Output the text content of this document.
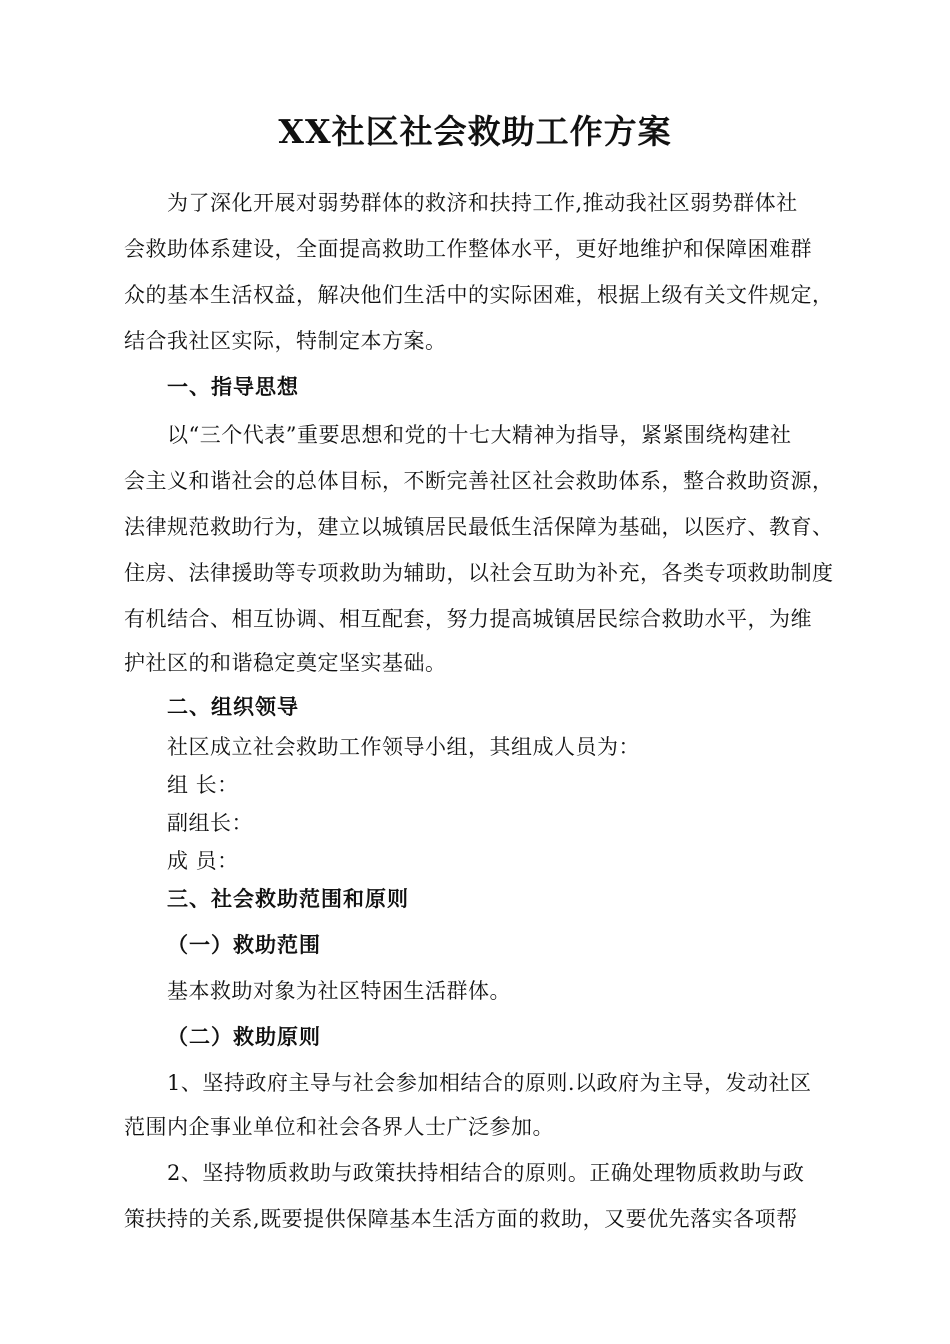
XX社区社会救助工作方案
为了深化开展对弱势群体的救济和扶持工作,推动我社区弱势群体社
会救助体系建设，全面提高救助工作整体水平，更好地维护和保障困难群
众的基本生活权益，解决他们生活中的实际困难，根据上级有关文件规定，
结合我社区实际，特制定本方案。
一、指导思想
以“三个代表”重要思想和党的十七大精神为指导，紧紧围绕构建社
会主义和谐社会的总体目标，不断完善社区社会救助体系，整合救助资源，
法律规范救助行为，建立以城镇居民最低生活保障为基础，以医疗、教育、
住房、法律援助等专项救助为辅助，以社会互助为补充，各类专项救助制度
有机结合、相互协调、相互配套，努力提高城镇居民综合救助水平，为维
护社区的和谐稳定奠定坚实基础。
二、组织领导
社区成立社会救助工作领导小组，其组成人员为：
组 长：
副组长：
成 员：
三、社会救助范围和原则
（一）救助范围
基本救助对象为社区特困生活群体。
（二）救助原则
1、坚持政府主导与社会参加相结合的原则.以政府为主导，发动社区
范围内企事业单位和社会各界人士广泛参加。
2、坚持物质救助与政策扶持相结合的原则。正确处理物质救助与政
策扶持的关系,既要提供保障基本生活方面的救助，又要优先落实各项帮
